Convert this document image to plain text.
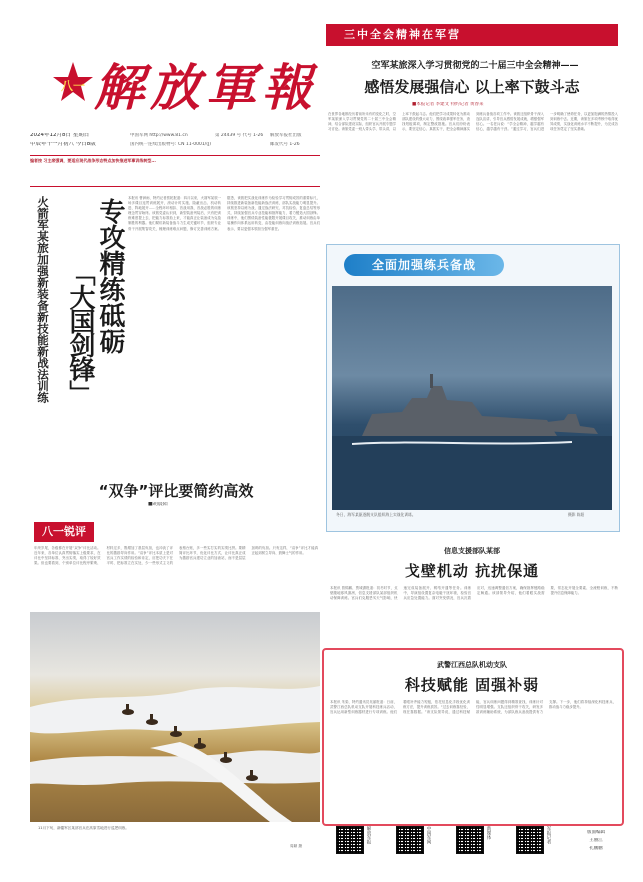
八一 解放軍報
2024年12月8日 星期日
甲辰年十一月初八 今日8版
中国军网 http://www.81.cn
国内统一连续出版物号: CN 11-0001/(J)
第 24439 号 代号 1-26 解放军报社出版
邮发代号 1-26
编者按 习主席强调，要适应现代战争形态特点加快推进军事训练转型...
火箭军某旅加强新装备新技能新战法训练 专攻精练砥砺
「大国剑锋」
本报讯 曹润雨、特约记者蔡乾报道：四月以来，火箭军某旅一场多课目连贯训练展开，滚动计时实施、隐蔽出击、机动转进、阵地展开……全程环环相扣、首战用我、首战必胜的训练理念贯穿始终。该旅党委认识到，新型装备列装后，只有把训练难度提上去、把能力标准抬上来，才能真正让装备成为克敌制胜的利器。他们紧盯新装备战斗力生成关键环节，组织专业骨干开展集智攻关，梳理训练难点问题，修订完善训练方案。据悉，该旅把实战化训练作为检验学习贯彻成效的重要标尺，持续推进新装备新技能新战法训练，部队实战能力明显提升。该旅坚持以练为战，通过战法研究、对抗检验、复盘总结等形式，持续加强官兵专业技能和指挥能力，着力锻造大国剑锋。训练中，他们围绕装备性能极限开展课目攻关，推动训练由单装操作向体系运用转变，由技能训练向战法训练拓展。官兵们表示，要以更强本领担当强军重任。
“双争”评比要简约高效
■胡晨阳
八一锐评
年终岁尾，各级都在开展“双争”评比活动。近年来，各单位认真贯彻落实上级要求，在评比中坚持标准、突出实绩，取得了较好效果。但也要看到，个别单位评比程序繁琐、材料过多，既增加了基层负担，也冲淡了评比的激励导向作用。“双争”评比本质上是对官兵工作实绩的检验和肯定，应把功夫下在平时、把标准立在实处，少一些形式主义的表格台账，多一些实打实的实绩比拼。要精简评比环节，优化评比方式，让评比真正成为激励官兵建功立业的加油站，而不是层层加码的负担。只有这样，“双争”评比才能真正起到树立导向、鼓舞士气的作用。
11月下旬，新疆军区某部官兵在高原雪地进行巡逻训练。
周颖 摄
三中全会精神在军营
空军某旅深入学习贯彻党的二十届三中全会精神——
感悟发展强信心 以上率下鼓斗志
■本报记者 李建文 特约记者 黄春来
在世界各地都经历着前所未有的变化之时，空军某旅深入学习贯彻党的二十届三中全会精神，结合部队建设实际，组织官兵开展专题学习讨论。该旅党委一班人带头学、带头讲，以上率下鼓起斗志。他们把学习成果转化为推动部队建设的强大动力，围绕改革强军任务，查找短板弱项，制定整改措施。官兵们纷纷表示，要坚定信心、真抓实干，把全会精神落实到练兵备战各项工作中。该旅还组织骨干深入连队宣讲，引导官兵感悟发展成就，增强强军信心。一名老兵说：“学全会精神，越学越有信心，越学越有干劲。”通过学习，官兵们进一步明确了使命任务，以更加饱满的热情投入到训练中去。近期，该旅在多项考核中取得优异成绩，实战化训练水平不断提升，为完成各项任务奠定了坚实基础。
全面加强练兵备战
冬日，海军某驱逐舰支队组织海上实战化训练。	摄影 陈阳
信息支援部队某部
戈壁机动 抗扰保通
本报讯 曾锦鹏、贾城潇报道：初冬时节，戈壁腹地寒风凛冽，信息支援部队某部组织机动保障训练。官兵们克服恶劣天气影响，快速完成装备展开、网络开通等任务。训练中，导演组设置复杂电磁干扰环境，检验官兵应急处置能力。面对突发情况，官兵沉着应对，迅速调整通信方案，确保指挥链路稳定畅通。该部领导介绍，他们着眼实战需要，常态化开展全要素、全流程训练，不断提升信息保障能力。
武警江西总队机动支队
科技赋能 固强补弱
本报讯 朱梁、特约通讯员吴丽报道：日前，武警江西总队机动支队开展科技练兵活动，官兵运用新型训练器材进行专项训练。他们着眼补齐能力短板，依托信息化手段优化训练方法，提升训练质效。“过去训练靠经验，现在靠数据。”该支队领导说，通过科技赋能，官兵训练问题得到精准查找，训练针对性明显增强。支队还组织骨干攻关，研发多款训练辅助系统，为部队练兵备战提供有力支撑。下一步，他们将持续深化科技练兵，推动战斗力稳步提升。
解放军报	中国军网	新媒体	军报记者	版面编辑
王丽江
孔鹏鹏
